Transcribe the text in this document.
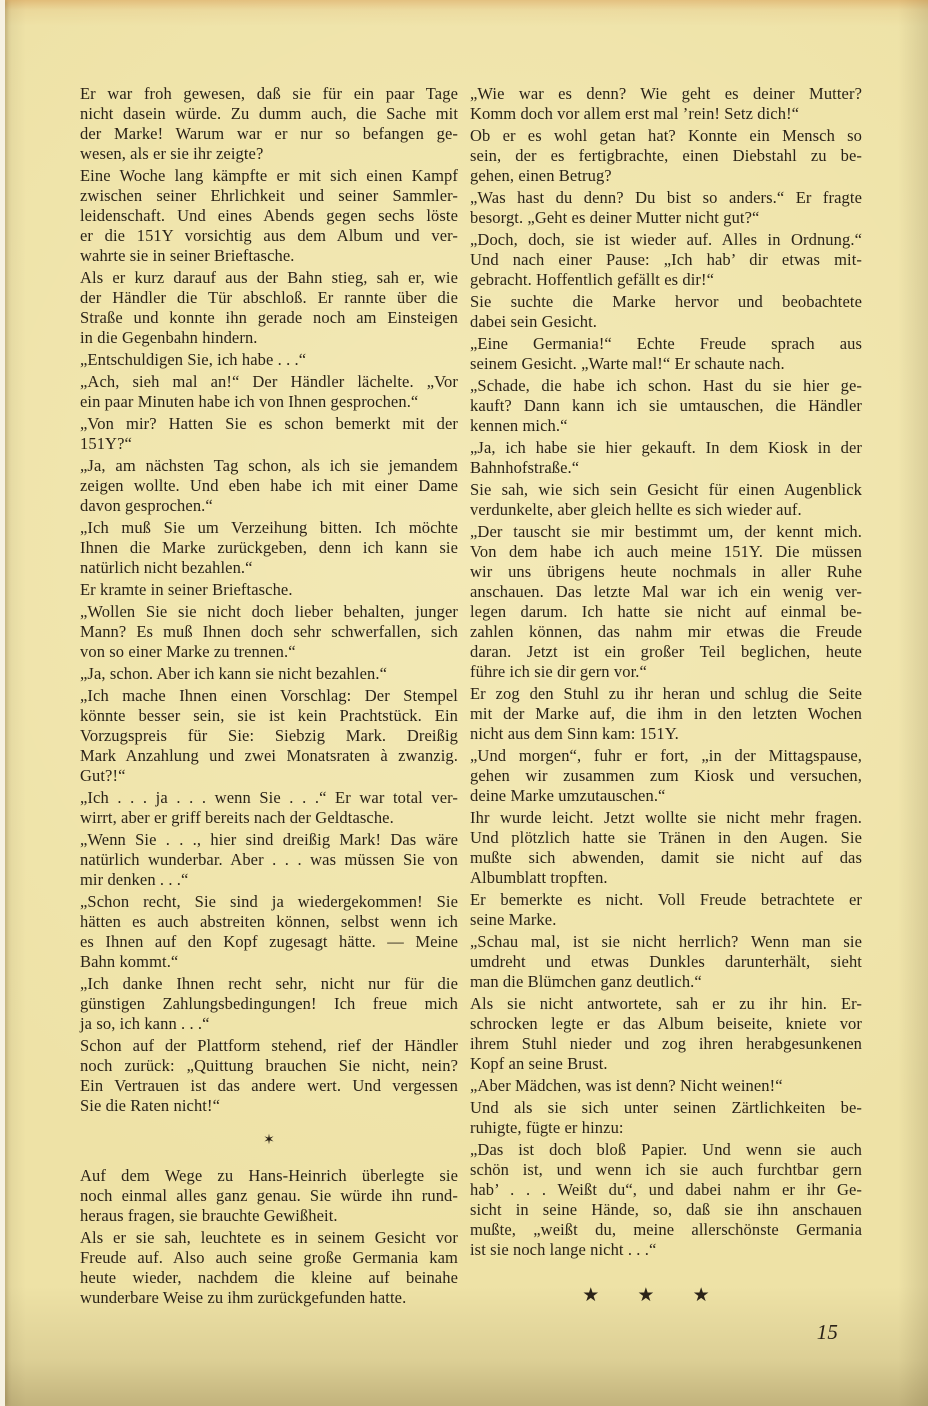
Er war froh gewesen, daß sie für ein paar Tage
nicht dasein würde. Zu dumm auch, die Sache mit
der Marke! Warum war er nur so befangen ge-
wesen, als er sie ihr zeigte?
Eine Woche lang kämpfte er mit sich einen Kampf
zwischen seiner Ehrlichkeit und seiner Sammler-
leidenschaft. Und eines Abends gegen sechs löste
er die 151Y vorsichtig aus dem Album und ver-
wahrte sie in seiner Brieftasche.
Als er kurz darauf aus der Bahn stieg, sah er, wie
der Händler die Tür abschloß. Er rannte über die
Straße und konnte ihn gerade noch am Einsteigen
in die Gegenbahn hindern.
„Entschuldigen Sie, ich habe . . .“
„Ach, sieh mal an!“ Der Händler lächelte. „Vor
ein paar Minuten habe ich von Ihnen gesprochen.“
„Von mir? Hatten Sie es schon bemerkt mit der
151Y?“
„Ja, am nächsten Tag schon, als ich sie jemandem
zeigen wollte. Und eben habe ich mit einer Dame
davon gesprochen.“
„Ich muß Sie um Verzeihung bitten. Ich möchte
Ihnen die Marke zurückgeben, denn ich kann sie
natürlich nicht bezahlen.“
Er kramte in seiner Brieftasche.
„Wollen Sie sie nicht doch lieber behalten, junger
Mann? Es muß Ihnen doch sehr schwerfallen, sich
von so einer Marke zu trennen.“
„Ja, schon. Aber ich kann sie nicht bezahlen.“
„Ich mache Ihnen einen Vorschlag: Der Stempel
könnte besser sein, sie ist kein Prachtstück. Ein
Vorzugspreis für Sie: Siebzig Mark. Dreißig
Mark Anzahlung und zwei Monatsraten à zwanzig.
Gut?!“
„Ich . . . ja . . . wenn Sie . . .“ Er war total ver-
wirrt, aber er griff bereits nach der Geldtasche.
„Wenn Sie . . ., hier sind dreißig Mark! Das wäre
natürlich wunderbar. Aber . . . was müssen Sie von
mir denken . . .“
„Schon recht, Sie sind ja wiedergekommen! Sie
hätten es auch abstreiten können, selbst wenn ich
es Ihnen auf den Kopf zugesagt hätte. — Meine
Bahn kommt.“
„Ich danke Ihnen recht sehr, nicht nur für die
günstigen Zahlungsbedingungen! Ich freue mich
ja so, ich kann . . .“
Schon auf der Plattform stehend, rief der Händler
noch zurück: „Quittung brauchen Sie nicht, nein?
Ein Vertrauen ist das andere wert. Und vergessen
Sie die Raten nicht!“
✶
Auf dem Wege zu Hans-Heinrich überlegte sie
noch einmal alles ganz genau. Sie würde ihn rund-
heraus fragen, sie brauchte Gewißheit.
Als er sie sah, leuchtete es in seinem Gesicht vor
Freude auf. Also auch seine große Germania kam
heute wieder, nachdem die kleine auf beinahe
wunderbare Weise zu ihm zurückgefunden hatte.
„Wie war es denn? Wie geht es deiner Mutter?
Komm doch vor allem erst mal ’rein! Setz dich!“
Ob er es wohl getan hat? Konnte ein Mensch so
sein, der es fertigbrachte, einen Diebstahl zu be-
gehen, einen Betrug?
„Was hast du denn? Du bist so anders.“ Er fragte
besorgt. „Geht es deiner Mutter nicht gut?“
„Doch, doch, sie ist wieder auf. Alles in Ordnung.“
Und nach einer Pause: „Ich hab’ dir etwas mit-
gebracht. Hoffentlich gefällt es dir!“
Sie suchte die Marke hervor und beobachtete
dabei sein Gesicht.
„Eine Germania!“ Echte Freude sprach aus
seinem Gesicht. „Warte mal!“ Er schaute nach.
„Schade, die habe ich schon. Hast du sie hier ge-
kauft? Dann kann ich sie umtauschen, die Händler
kennen mich.“
„Ja, ich habe sie hier gekauft. In dem Kiosk in der
Bahnhofstraße.“
Sie sah, wie sich sein Gesicht für einen Augenblick
verdunkelte, aber gleich hellte es sich wieder auf.
„Der tauscht sie mir bestimmt um, der kennt mich.
Von dem habe ich auch meine 151Y. Die müssen
wir uns übrigens heute nochmals in aller Ruhe
anschauen. Das letzte Mal war ich ein wenig ver-
legen darum. Ich hatte sie nicht auf einmal be-
zahlen können, das nahm mir etwas die Freude
daran. Jetzt ist ein großer Teil beglichen, heute
führe ich sie dir gern vor.“
Er zog den Stuhl zu ihr heran und schlug die Seite
mit der Marke auf, die ihm in den letzten Wochen
nicht aus dem Sinn kam: 151Y.
„Und morgen“, fuhr er fort, „in der Mittagspause,
gehen wir zusammen zum Kiosk und versuchen,
deine Marke umzutauschen.“
Ihr wurde leicht. Jetzt wollte sie nicht mehr fragen.
Und plötzlich hatte sie Tränen in den Augen. Sie
mußte sich abwenden, damit sie nicht auf das
Albumblatt tropften.
Er bemerkte es nicht. Voll Freude betrachtete er
seine Marke.
„Schau mal, ist sie nicht herrlich? Wenn man sie
umdreht und etwas Dunkles darunterhält, sieht
man die Blümchen ganz deutlich.“
Als sie nicht antwortete, sah er zu ihr hin. Er-
schrocken legte er das Album beiseite, kniete vor
ihrem Stuhl nieder und zog ihren herabgesunkenen
Kopf an seine Brust.
„Aber Mädchen, was ist denn? Nicht weinen!“
Und als sie sich unter seinen Zärtlichkeiten be-
ruhigte, fügte er hinzu:
„Das ist doch bloß Papier. Und wenn sie auch
schön ist, und wenn ich sie auch furchtbar gern
hab’ . . . Weißt du“, und dabei nahm er ihr Ge-
sicht in seine Hände, so, daß sie ihn anschauen
mußte, „weißt du, meine allerschönste Germania
ist sie noch lange nicht . . .“
★ ★ ★
15
